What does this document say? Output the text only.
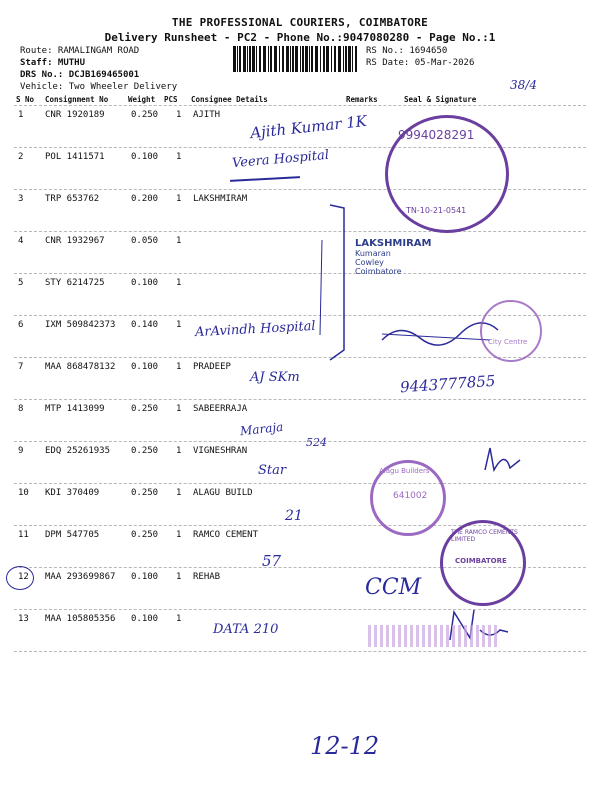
THE PROFESSIONAL COURIERS, COIMBATORE
Delivery Runsheet - PC2 - Phone No.:9047080280 - Page No.:1
Route: RAMALINGAM ROAD
Staff: MUTHU
DRS No.: DCJB169465001
Vehicle: Two Wheeler Delivery
RS No.: 1694650
RS Date: 05-Mar-2026
38/4
S No Consignment No	Weight PCS Consignee Details	Remarks	Seal & Signature
1 CNR 1920189	0.250 1 AJITH
2 POL 1411571	0.100 1
3 TRP 653762	0.200 1 LAKSHMIRAM
4 CNR 1932967	0.050 1
5 STY 6214725	0.100 1
6 IXM 509842373 0.140 1
7 MAA 868478132 0.100 1 PRADEEP
8 MTP 1413099	0.250 1 SABEERRAJA
9 EDQ 25261935 0.250 1 VIGNESHRAN
10 KDI 370409	0.250 1 ALAGU BUILD
11 DPM 547705	0.250 1 RAMCO CEMENT
12 MAA 293699867 0.100 1 REHAB
13 MAA 105805356 0.100 1
Ajith Kumar 1K
Veera Hospital
ArAvindh Hospital
AJ SKm	9443777855
Maraja
524
Star
21
57
CCM
DATA 210
12-12
9994028291
TN-10-21-0541
LAKSHMIRAM
Kumaran
Cowley
Coimbatore
City Centre
Alagu Builders
641002
THE RAMCO CEMENTS LIMITED
COIMBATORE
